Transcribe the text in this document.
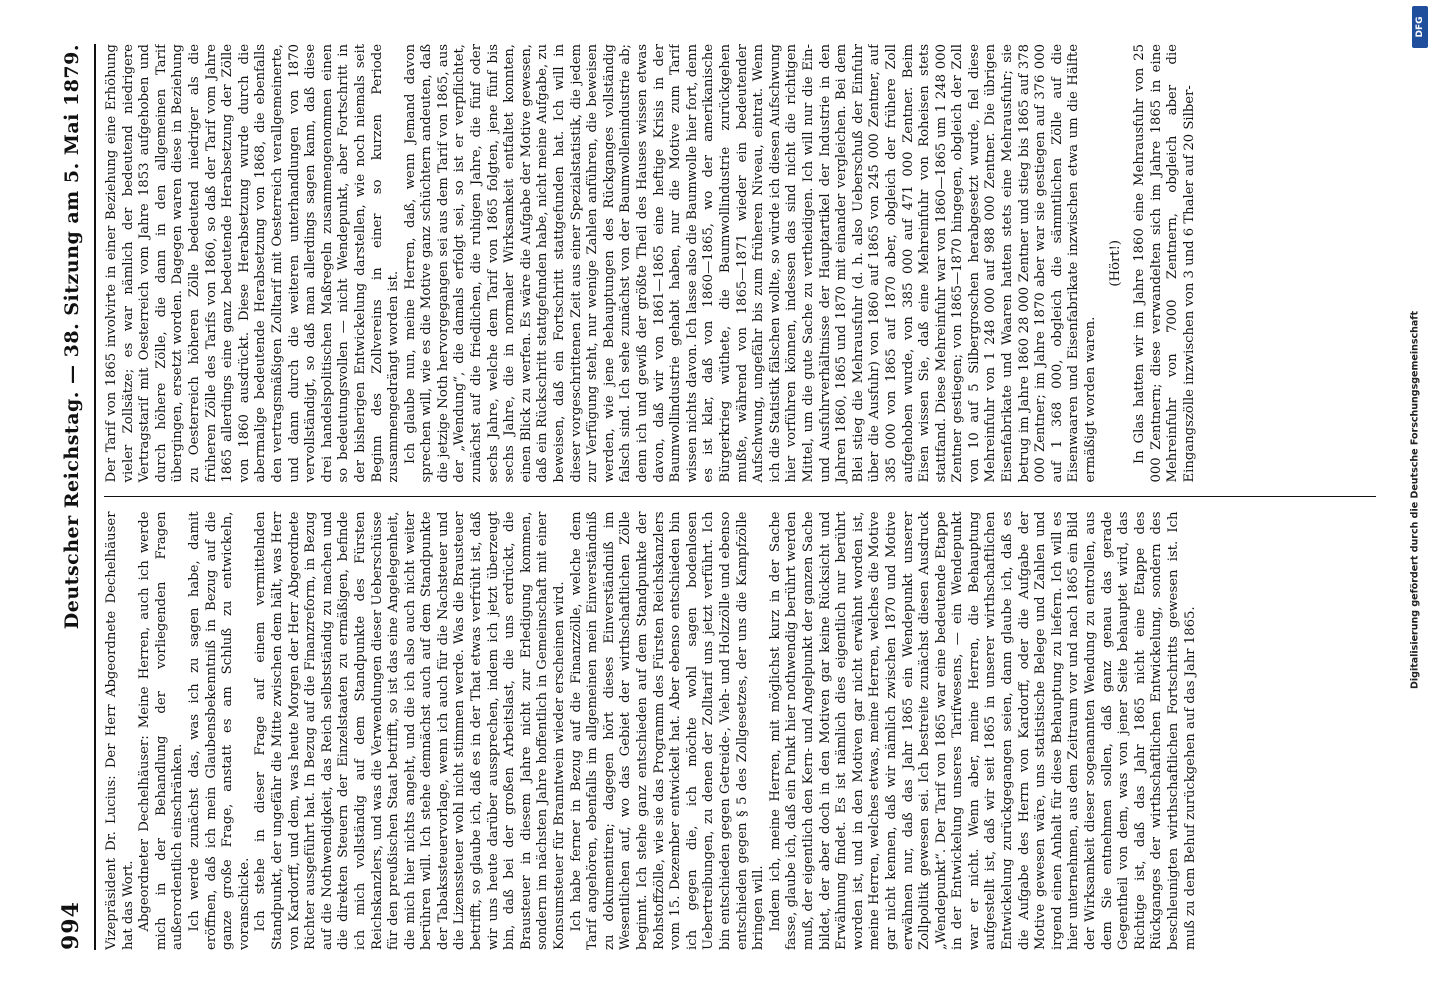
994
Deutscher Reichstag. — 38. Sitzung am 5. Mai 1879.

Vizepräsident Dr. Lucius: Der Herr Abgeordnete Dechelhäuser hat das Wort. Abgeordneter Dechelhäuser: Meine Herren, auch ich werde mich in der Behandlung der vorliegenden Fragen außerordentlich einschränken. Ich werde zunächst das, was ich zu sagen habe, damit eröffnen, daß ich mein Glaubensbekenntniß in Bezug auf die ganze große Frage, anstatt es am Schluß zu entwickeln, voranschicke. Ich stehe in dieser Frage auf einem vermittelnden Standpunkt, der ungefähr die Mitte zwischen dem hält, was Herr von Kardorff, und dem, was heute Morgen der Herr Abgeordnete Richter ausgeführt hat. In Bezug auf die Finanzreform, in Bezug auf die Nothwendigkeit, das Reich selbstständig zu machen und die direkten Steuern der Einzelstaaten zu ermäßigen, befinde ich mich vollständig auf dem Standpunkte des Fürsten Reichskanzlers, und was die Verwendungen dieser Ueberschüsse für den preußischen Staat betrifft, so ist das eine Angelegenheit, die mich hier nichts angeht, und die ich also auch nicht weiter berühren will. Ich stehe demnächst auch auf dem Standpunkte der Tabakssteuervorlage, wenn ich auch für die Nachsteuer und die Lizenssteuer wohl nicht stimmen werde. Was die Brausteuer betrifft, so glaube ich, daß es in der That etwas verfrüht ist, daß wir uns heute darüber aussprechen, indem ich jetzt überzeugt bin, daß bei der großen Arbeitslast, die uns erdrückt, die Brausteuer in diesem Jahre nicht zur Erledigung kommen, sondern im nächsten Jahre hoffentlich in Gemeinschaft mit einer Konsumsteuer für Branntwein wieder erscheinen wird. Ich habe ferner in Bezug auf die Finanzzölle, welche dem Tarif angehören, ebenfalls im allgemeinen mein Einverständniß zu dokumentiren; dagegen hört dieses Einverständniß im Wesentlichen auf, wo das Gebiet der wirthschaftlichen Zölle beginnt. Ich stehe ganz entschieden auf dem Standpunkte der Rohstoffzölle, wie sie das Programm des Fürsten Reichskanzlers vom 15. Dezember entwickelt hat. Aber ebenso entschieden bin ich gegen die, ich möchte wohl sagen bodenlosen Uebertreibungen, zu denen der Zolltarif uns jetzt verführt. Ich bin entschieden gegen Getreide-, Vieh- und Holzzölle und ebenso entschieden gegen § 5 des Zollgesetzes, der uns die Kampfzölle bringen will. Indem ich, meine Herren, mit möglichst kurz in der Sache fasse, glaube ich, daß ein Punkt hier nothwendig berührt werden muß, der eigentlich den Kern- und Angelpunkt der ganzen Sache bildet, der aber doch in den Motiven gar keine Rücksicht und Erwähnung findet. Es ist nämlich dies eigentlich nur berührt worden ist, und in den Motiven gar nicht erwähnt worden ist, meine Herren, welches etwas, meine Herren, welches die Motive gar nicht kennen, daß wir nämlich zwischen 1870 und Motive erwähnen nur, daß das Jahr 1865 ein Wendepunkt unserer Zollpolitik gewesen sei. Ich bestreite zunächst diesen Ausdruck „Wendepunkt“. Der Tarif von 1865 war eine bedeutende Etappe in der Entwickelung unseres Tarifwesens, — ein Wendepunkt war er nicht. Wenn aber, meine Herren, die Behauptung aufgestellt ist, daß wir seit 1865 in unserer wirthschaftlichen Entwickelung zurückgegangen seien, dann glaube ich, daß es die Aufgabe des Herrn von Kardorff, oder die Aufgabe der Motive gewesen wäre, uns statistische Belege und Zahlen und irgend einen Anhalt für diese Behauptung zu liefern. Ich will es hier unternehmen, aus dem Zeitraum vor und nach 1865 ein Bild der Wirksamkeit dieser sogenannten Wendung zu entrollen, aus dem Sie entnehmen sollen, daß ganz genau das gerade Gegentheil von dem, was von jener Seite behauptet wird, das Richtige ist, daß das Jahr 1865 nicht eine Etappe des Rückganges der wirthschaftlichen Entwickelung, sondern des beschleunigten wirthschaftlichen Fortschritts gewesen ist. Ich muß zu dem Behuf zurückgehen auf das Jahr 1865.

Der Tarif von 1865 involvirte in einer Beziehung eine Erhöhung vieler Zollsätze; es war nämlich der bedeutend niedrigere Vertragstarif mit Oesterreich vom Jahre 1853 aufgehoben und durch höhere Zölle, die dann in den allgemeinen Tarif übergingen, ersetzt worden. Dagegen waren diese in Beziehung zu Oesterreich höheren Zölle bedeutend niedriger als die früheren Zölle des Tarifs von 1860, so daß der Tarif vom Jahre 1865 allerdings eine ganz bedeutende Herabsetzung der Zölle von 1860 ausdrückt. Diese Herabsetzung wurde durch die abermalige bedeutende Herabsetzung von 1868, die ebenfalls den vertragsmäßigen Zolltarif mit Oesterreich verallgemeinerte, und dann durch die weiteren unterhandlungen von 1870 vervollständigt, so daß man allerdings sagen kann, daß diese drei handelspolitischen Maßregeln zusammengenommen einen so bedeutungsvollen — nicht Wendepunkt, aber Fortschritt in der bisherigen Entwickelung darstellen, wie noch niemals seit Beginn des Zollvereins in einer so kurzen Periode zusammengedrängt worden ist. Ich glaube nun, meine Herren, daß, wenn Jemand davon sprechen will, wie es die Motive ganz schüchtern andeuten, daß die jetzige Noth hervorgegangen sei aus dem Tarif von 1865, aus der „Wendung“, die damals erfolgt sei, so ist er verpflichtet, zunächst auf die friedlichen, die ruhigen Jahre, die fünf oder sechs Jahre, welche dem Tarif von 1865 folgten, jene fünf bis sechs Jahre, die in normaler Wirksamkeit entfaltet konnten, einen Blick zu werfen. Es wäre die Aufgabe der Motive gewesen, daß ein Rückschritt stattgefunden habe, nicht meine Aufgabe, zu beweisen, daß ein Fortschritt stattgefunden hat. Ich will in dieser vorgeschrittenen Zeit aus einer Spezialstatistik, die jedem zur Verfügung steht, nur wenige Zahlen anführen, die beweisen werden, wie jene Behauptungen des Rückganges vollständig falsch sind. Ich sehe zunächst von der Baumwollenindustrie ab; denn ich und gewiß der größte Theil des Hauses wissen etwas davon, daß wir von 1861—1865 eine heftige Krisis in der Baumwollindustrie gehabt haben, nur die Motive zum Tarif wissen nichts davon. Ich lasse also die Baumwolle hier fort, denn es ist klar, daß von 1860—1865, wo der amerikanische Bürgerkrieg wüthete, die Baumwollindustrie zurückgehen mußte, während von 1865—1871 wieder ein bedeutender Aufschwung, ungefähr bis zum früheren Niveau, eintrat. Wenn ich die Statistik fälschen wollte, so würde ich diesen Aufschwung hier vorführen können, indessen das sind nicht die richtigen Mittel, um die gute Sache zu vertheidigen. Ich will nur die Ein- und Ausfuhrverhältnisse der Hauptartikel der Industrie in den Jahren 1860, 1865 und 1870 mit einander vergleichen. Bei dem Blei stieg die Mehrausfuhr (d. h. also Ueberschuß der Einfuhr über die Ausfuhr) von 1860 auf 1865 von 245 000 Zentner, auf 385 000 von 1865 auf 1870 aber, obgleich der frühere Zoll aufgehoben wurde, von 385 000 auf 471 000 Zentner. Beim Eisen wissen Sie, daß eine Mehreinfuhr von Roheisen stets stattfand. Diese Mehreinfuhr war von 1860—1865 um 1 248 000 Zentner gestiegen; von 1865—1870 hingegen, obgleich der Zoll von 10 auf 5 Silbergroschen herabgesetzt wurde, fiel diese Mehreinfuhr von 1 248 000 auf 988 000 Zentner. Die übrigen Eisenfabrikate und Waaren hatten stets eine Mehrausfuhr; sie betrug im Jahre 1860 28 000 Zentner und stieg bis 1865 auf 378 000 Zentner; im Jahre 1870 aber war sie gestiegen auf 376 000 auf 1 368 000, obgleich die sämmtlichen Zölle auf die Eisenwaaren und Eisenfabrikate inzwischen etwa um die Hälfte ermäßigt worden waren.

(Hört!) In Glas hatten wir im Jahre 1860 eine Mehrausfuhr von 25 000 Zentnern; diese verwandelten sich im Jahre 1865 in eine Mehreinfuhr von 7000 Zentnern, obgleich aber die Eingangszölle inzwischen von 3 und 6 Thaler auf 20 Silber-

DFG
Digitalisierung gefördert durch die Deutsche Forschungsgemeinschaft
